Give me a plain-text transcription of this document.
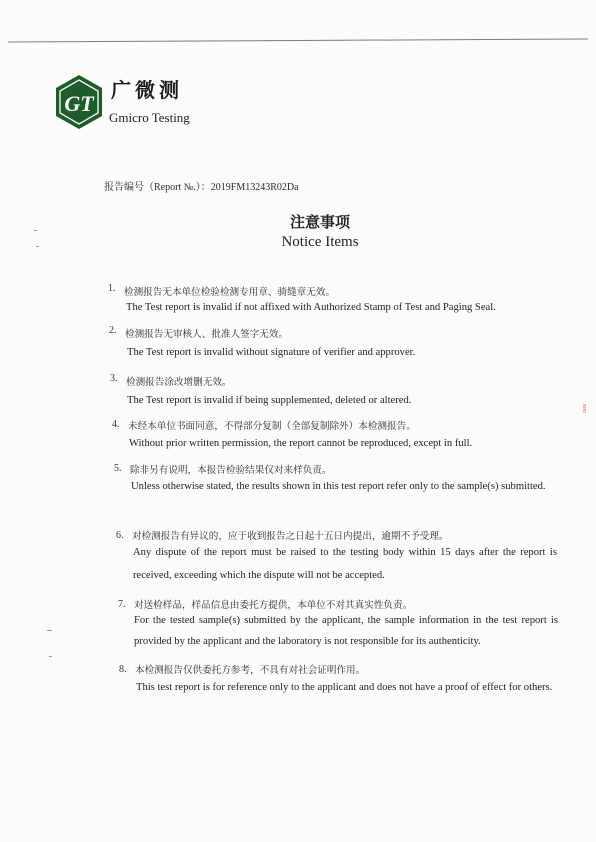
GT
广微测
Gmicro Testing
报告编号（Report №.）：2019FM13243R02Da
注意事项
Notice Items
1. 检测报告无本单位检验检测专用章、骑缝章无效。
The Test report is invalid if not affixed with Authorized Stamp of Test and Paging Seal.
2. 检测报告无审核人、批准人签字无效。
The Test report is invalid without signature of verifier and approver.
3. 检测报告涂改增删无效。
The Test report is invalid if being supplemented, deleted or altered.
4. 未经本单位书面同意，不得部分复制（全部复制除外）本检测报告。
Without prior written permission, the report cannot be reproduced, except in full.
5. 除非另有说明，本报告检验结果仅对来样负责。
Unless otherwise stated, the results shown in this test report refer only to the sample(s) submitted.
6. 对检测报告有异议的，应于收到报告之日起十五日内提出，逾期不予受理。
Any dispute of the report must be raised to the testing body within 15 days after the report is received, exceeding which the dispute will not be accepted.
7. 对送检样品，样品信息由委托方提供，本单位不对其真实性负责。
For the tested sample(s) submitted by the applicant, the sample information in the test report is provided by the applicant and the laboratory is not responsible for its authenticity.
8. 本检测报告仅供委托方参考，不具有对社会证明作用。
This test report is for reference only to the applicant and does not have a proof of effect for others.
≈≈
